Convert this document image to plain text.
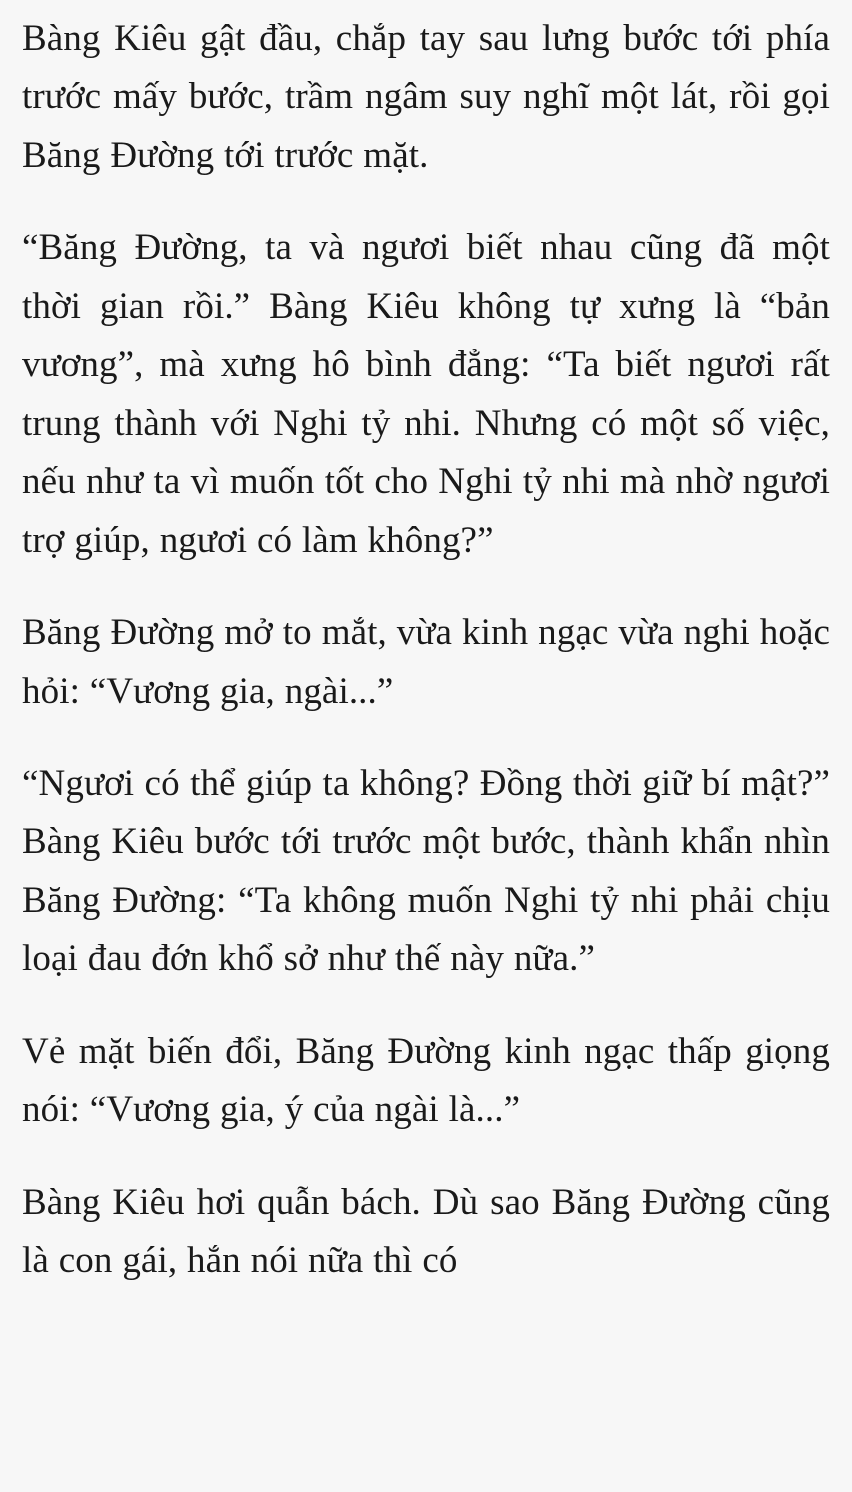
Bàng Kiêu gật đầu, chắp tay sau lưng bước tới phía trước mấy bước, trầm ngâm suy nghĩ một lát, rồi gọi Băng Đường tới trước mặt.

“Băng Đường, ta và ngươi biết nhau cũng đã một thời gian rồi.” Bàng Kiêu không tự xưng là “bản vương”, mà xưng hô bình đẳng: “Ta biết ngươi rất trung thành với Nghi tỷ nhi. Nhưng có một số việc, nếu như ta vì muốn tốt cho Nghi tỷ nhi mà nhờ ngươi trợ giúp, ngươi có làm không?”

Băng Đường mở to mắt, vừa kinh ngạc vừa nghi hoặc hỏi: “Vương gia, ngài...”

“Ngươi có thể giúp ta không? Đồng thời giữ bí mật?” Bàng Kiêu bước tới trước một bước, thành khẩn nhìn Băng Đường: “Ta không muốn Nghi tỷ nhi phải chịu loại đau đớn khổ sở như thế này nữa.”

Vẻ mặt biến đổi, Băng Đường kinh ngạc thấp giọng nói: “Vương gia, ý của ngài là...”

Bàng Kiêu hơi quẫn bách. Dù sao Băng Đường cũng là con gái, hắn nói nữa thì có
